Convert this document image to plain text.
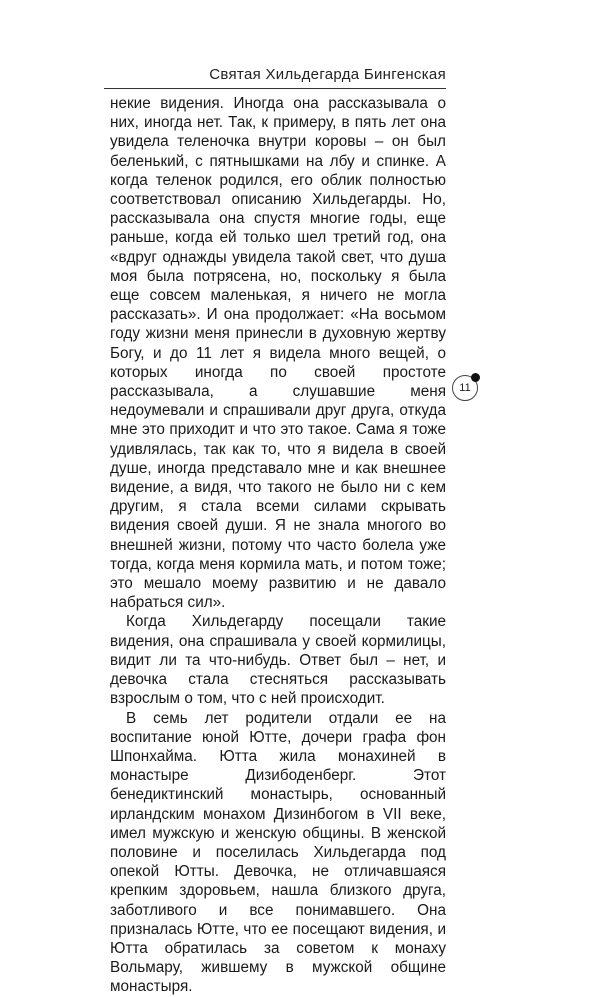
Святая Хильдегарда Бингенская

некие видения. Иногда она рассказывала о них, иногда нет. Так, к примеру, в пять лет она увидела теленочка внутри коровы – он был беленький, с пятнышками на лбу и спинке. А когда теленок родился, его облик полностью соответствовал описанию Хильдегарды. Но, рассказывала она спустя многие годы, еще раньше, когда ей только шел третий год, она «вдруг однажды увидела такой свет, что душа моя была потрясена, но, поскольку я была еще совсем маленькая, я ничего не могла рассказать». И она продолжает: «На восьмом году жизни меня принесли в духовную жертву Богу, и до 11 лет я видела много вещей, о которых иногда по своей простоте рассказывала, а слушавшие меня недоумевали и спрашивали друг друга, откуда мне это приходит и что это такое. Сама я тоже удивлялась, так как то, что я видела в своей душе, иногда представало мне и как внешнее видение, а видя, что такого не было ни с кем другим, я стала всеми силами скрывать видения своей души. Я не знала многого во внешней жизни, потому что часто болела уже тогда, когда меня кормила мать, и потом тоже; это мешало моему развитию и не давало набраться сил».

Когда Хильдегарду посещали такие видения, она спрашивала у своей кормилицы, видит ли та что-нибудь. Ответ был – нет, и девочка стала стесняться рассказывать взрослым о том, что с ней происходит.

В семь лет родители отдали ее на воспитание юной Ютте, дочери графа фон Шпонхайма. Ютта жила монахиней в монастыре Дизибоденберг. Этот бенедиктинский монастырь, основанный ирландским монахом Дизинбогом в VII веке, имел мужскую и женскую общины. В женской половине и поселилась Хильдегарда под опекой Ютты. Девочка, не отличавшаяся крепким здоровьем, нашла близкого друга, заботливого и все понимавшего. Она призналась Ютте, что ее посещают видения, и Ютта обратилась за советом к монаху Вольмару, жившему в мужской общине монастыря.

11
